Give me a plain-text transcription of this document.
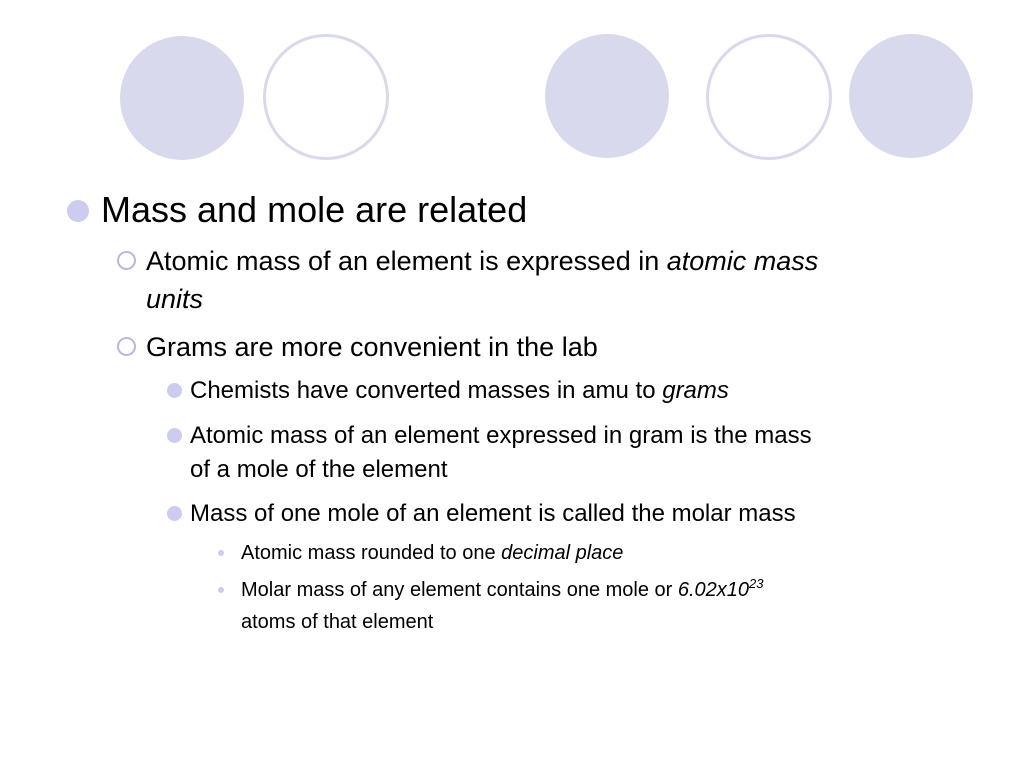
Mass and mole are related
Atomic mass of an element is expressed in atomic mass
units
Grams are more convenient in the lab
Chemists have converted masses in amu to grams
Atomic mass of an element expressed in gram is the mass
of a mole of the element
Mass of one mole of an element is called the molar mass
Atomic mass rounded to one decimal place
Molar mass of any element contains one mole or $6.02x10^{23}$
atoms of that element
